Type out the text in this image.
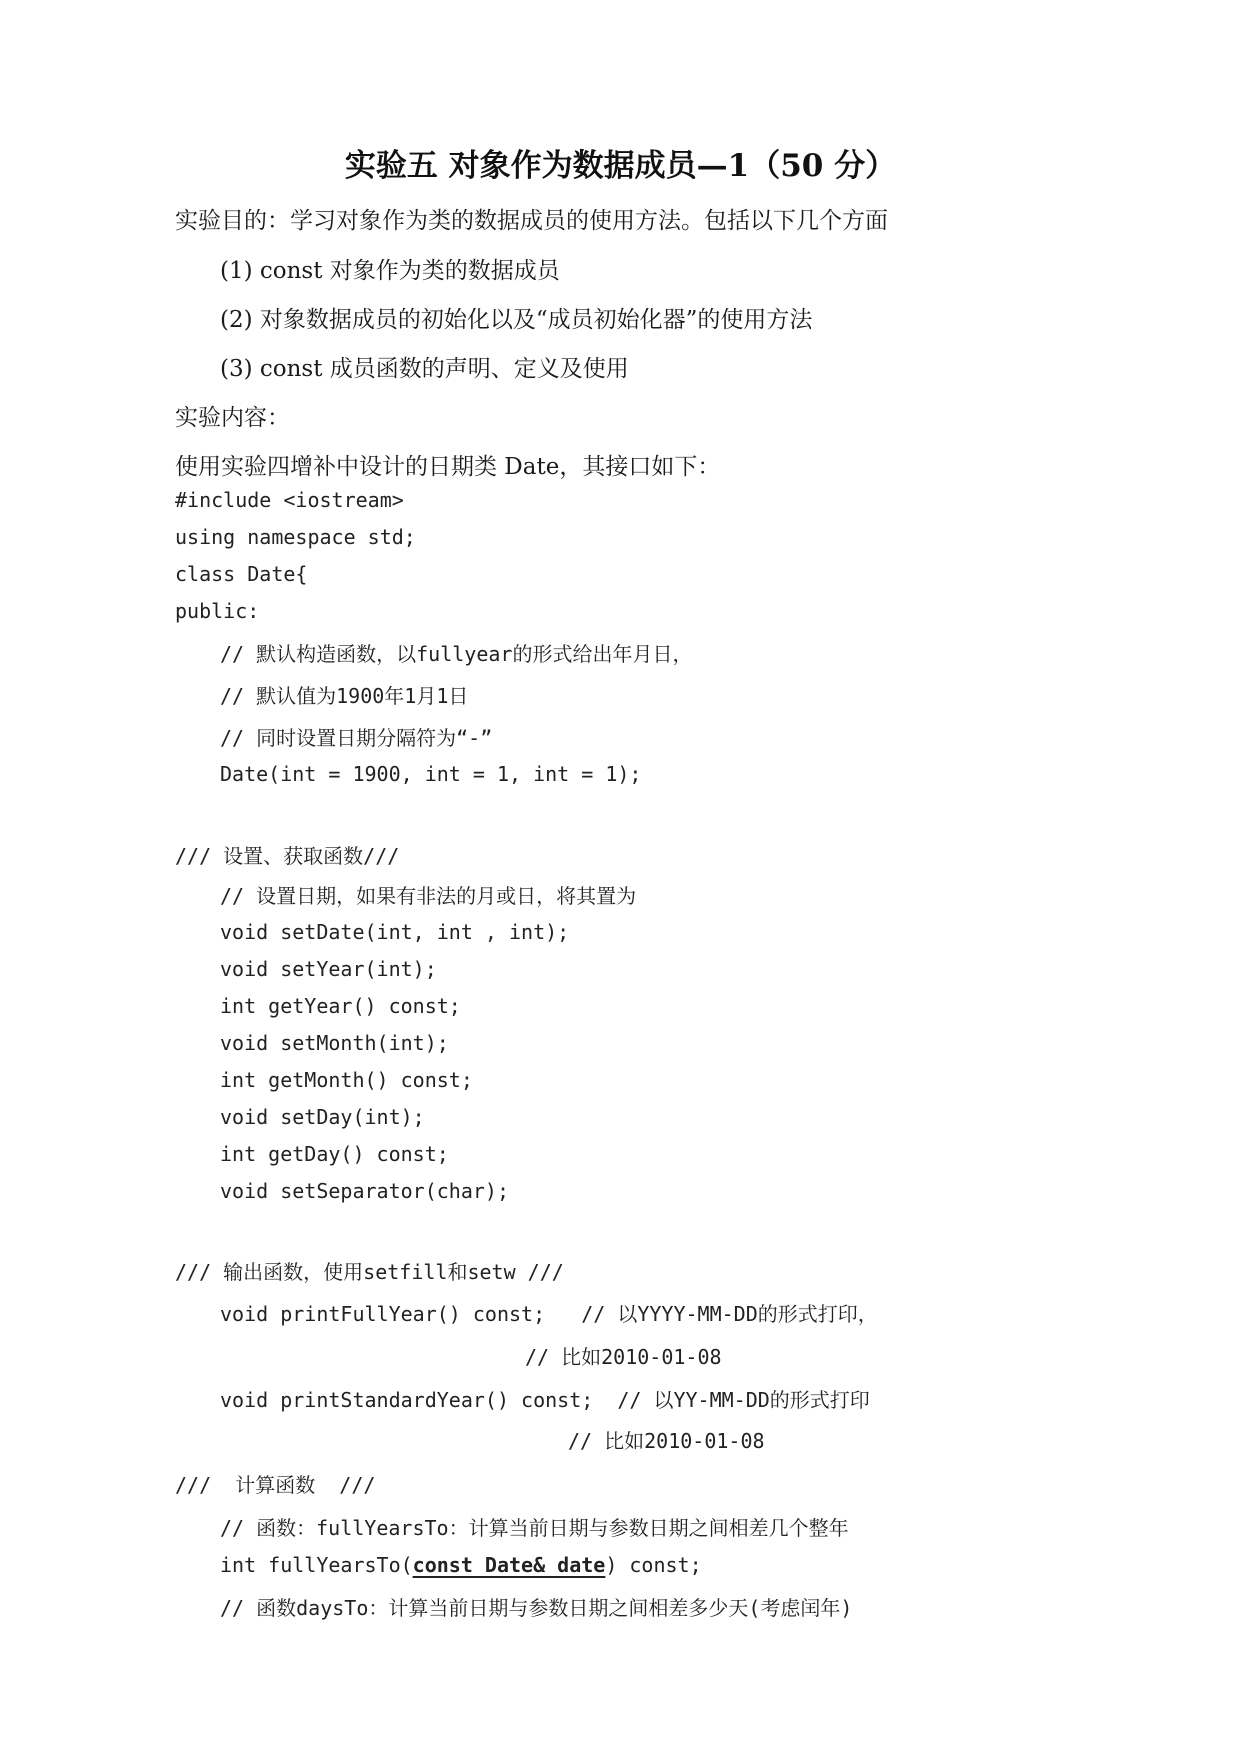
实验五 对象作为数据成员—1（50 分）
实验目的：学习对象作为类的数据成员的使用方法。包括以下几个方面
(1) const 对象作为类的数据成员
(2) 对象数据成员的初始化以及“成员初始化器”的使用方法
(3) const 成员函数的声明、定义及使用
实验内容：
使用实验四增补中设计的日期类 Date，其接口如下：
#include <iostream>
using namespace std;
class Date{
public:
// 默认构造函数，以fullyear的形式给出年月日，
// 默认值为1900年1月1日
// 同时设置日期分隔符为“-”
Date(int = 1900, int = 1, int = 1);
/// 设置、获取函数///
// 设置日期，如果有非法的月或日，将其置为
void setDate(int, int , int);
void setYear(int);
int getYear() const;
void setMonth(int);
int getMonth() const;
void setDay(int);
int getDay() const;
void setSeparator(char);
/// 输出函数，使用setfill和setw ///
void printFullYear() const;   // 以YYYY-MM-DD的形式打印，
// 比如2010-01-08
void printStandardYear() const;  // 以YY-MM-DD的形式打印
// 比如2010-01-08
///  计算函数  ///
// 函数：fullYearsTo：计算当前日期与参数日期之间相差几个整年
int fullYearsTo(const Date& date) const;
// 函数daysTo：计算当前日期与参数日期之间相差多少天(考虑闰年)
